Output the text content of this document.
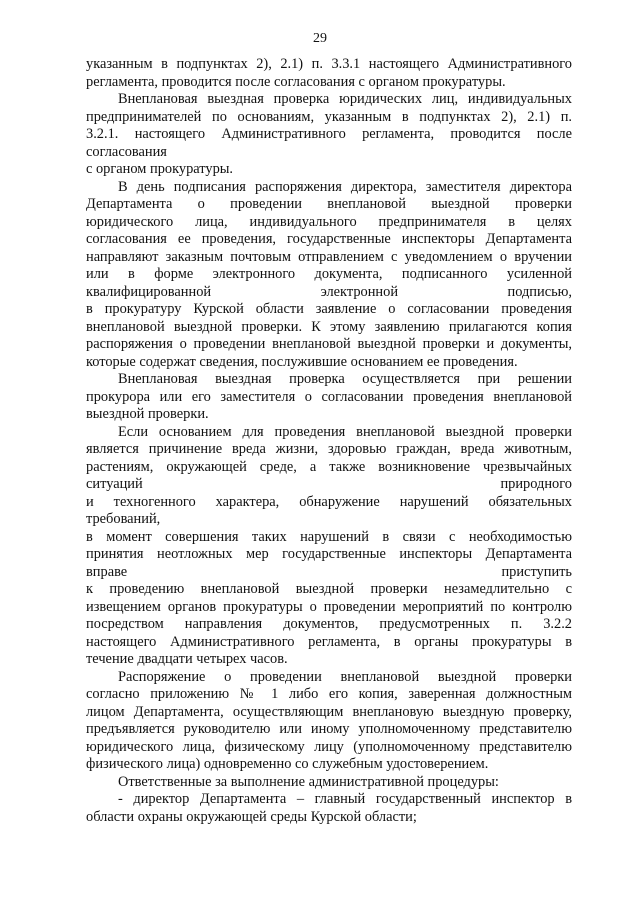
29
указанным в подпунктах 2), 2.1) п. 3.3.1 настоящего Административного
регламента, проводится после согласования с органом прокуратуры.
Внеплановая выездная проверка юридических лиц, индивидуальных
предпринимателей по основаниям, указанным в подпунктах 2), 2.1) п.
3.2.1. настоящего Административного регламента, проводится после
согласования
с органом прокуратуры.
В день подписания распоряжения директора, заместителя директора
Департамента о проведении внеплановой выездной проверки
юридического лица, индивидуального предпринимателя в целях
согласования ее проведения, государственные инспекторы Департамента
направляют заказным почтовым отправлением с уведомлением о вручении
или в форме электронного документа, подписанного усиленной
квалифицированной электронной подписью,
в прокуратуру Курской области заявление о согласовании проведения
внеплановой выездной проверки. К этому заявлению прилагаются копия
распоряжения о проведении внеплановой выездной проверки и документы,
которые содержат сведения, послужившие основанием ее проведения.
Внеплановая выездная проверка осуществляется при решении
прокурора или его заместителя о согласовании проведения внеплановой
выездной проверки.
Если основанием для проведения внеплановой выездной проверки
является причинение вреда жизни, здоровью граждан, вреда животным,
растениям, окружающей среде, а также возникновение чрезвычайных
ситуаций природного
и техногенного характера, обнаружение нарушений обязательных
требований,
в момент совершения таких нарушений в связи с необходимостью
принятия неотложных мер государственные инспекторы Департамента
вправе приступить
к проведению внеплановой выездной проверки незамедлительно с
извещением органов прокуратуры о проведении мероприятий по контролю
посредством направления документов, предусмотренных п. 3.2.2
настоящего Административного регламента, в органы прокуратуры в
течение двадцати четырех часов.
Распоряжение о проведении внеплановой выездной проверки
согласно приложению № 1 либо его копия, заверенная должностным
лицом Департамента, осуществляющим внеплановую выездную проверку,
предъявляется руководителю или иному уполномоченному представителю
юридического лица, физическому лицу (уполномоченному представителю
физического лица) одновременно со служебным удостоверением.
Ответственные за выполнение административной процедуры:
- директор Департамента – главный государственный инспектор в
области охраны окружающей среды Курской области;
